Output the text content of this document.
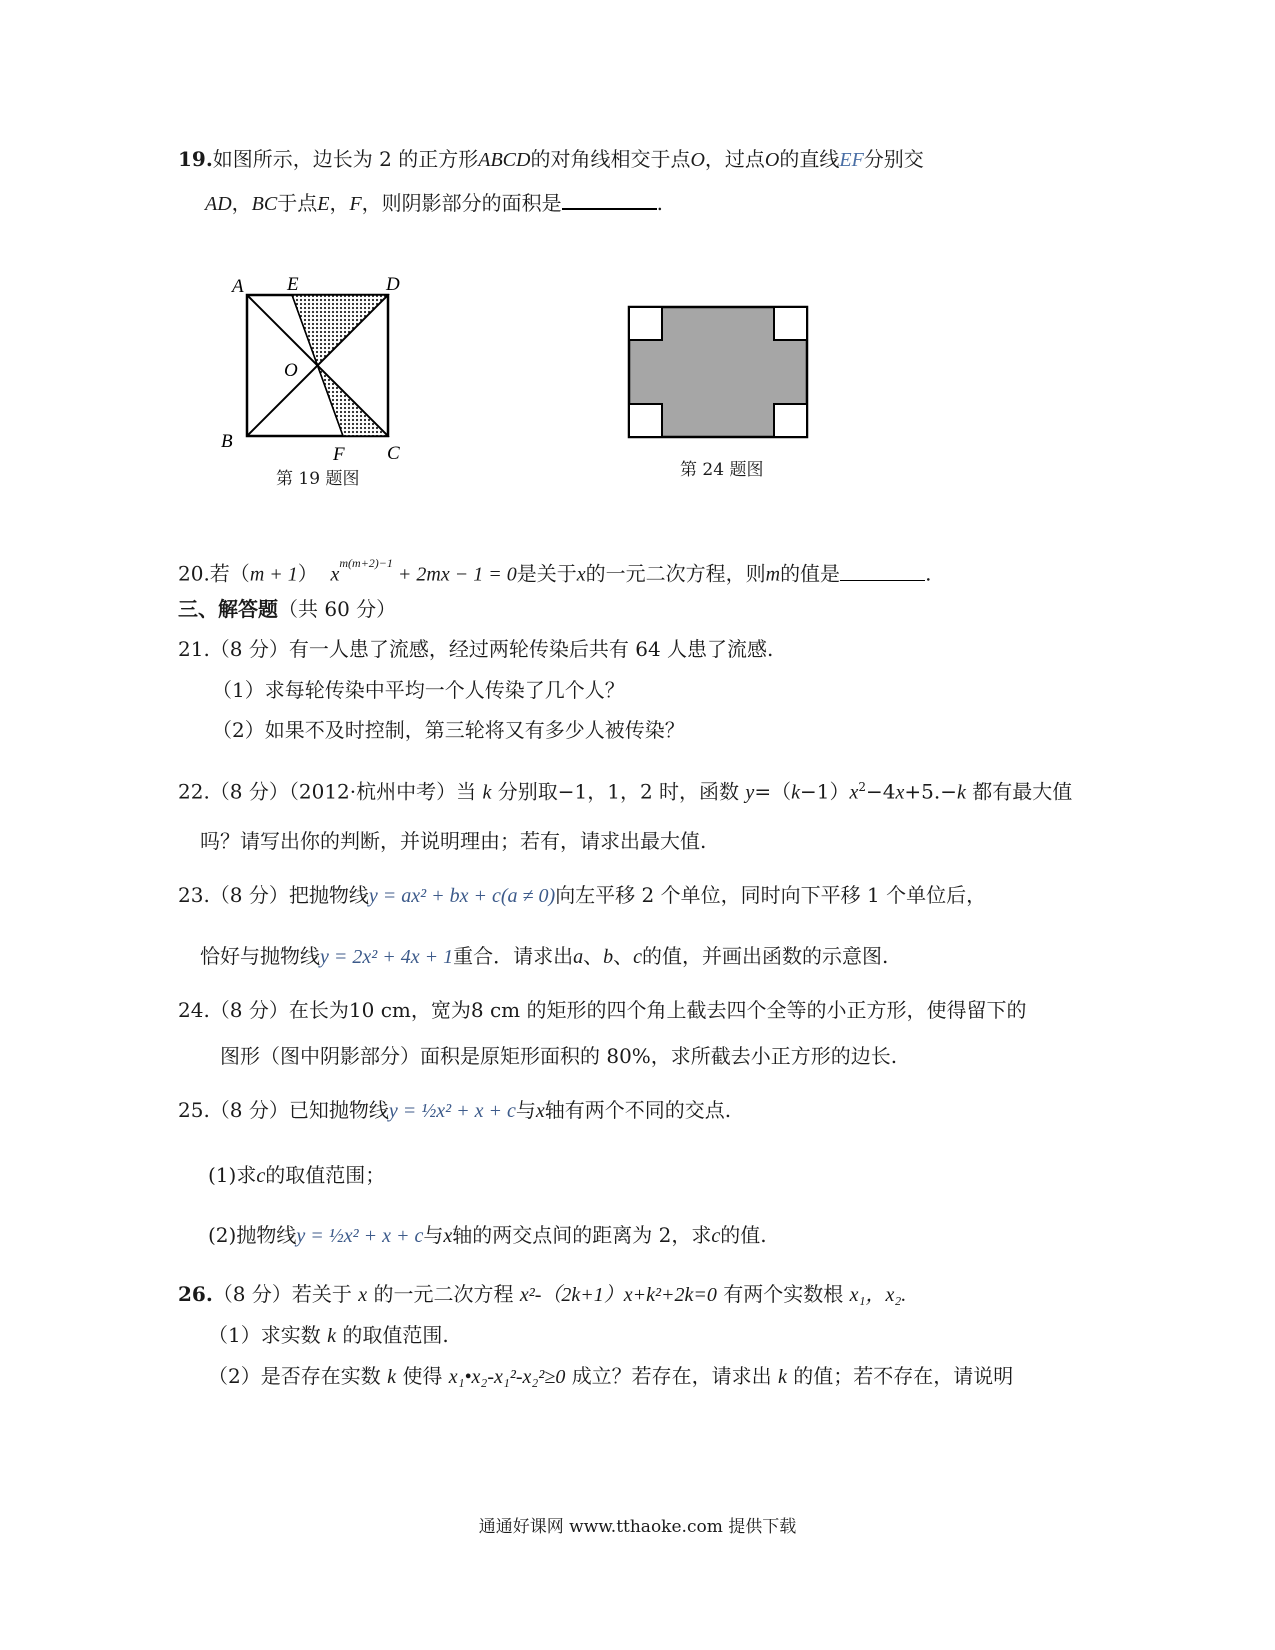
19.如图所示，边长为 2 的正方形ABCD的对角线相交于点O，过点O的直线EF分别交
AD，BC于点E，F，则阴影部分的面积是	.
A E	D
O
B
F C
第 19 题图	第 24 题图
20.若（m + 1） $x^{m(m+2)-1} + 2mx - 1 = 0$是关于x的一元二次方程，则m的值是	.
三、解答题（共 60 分）
21.（8 分）有一人患了流感，经过两轮传染后共有 64 人患了流感.
（1）求每轮传染中平均一个人传染了几个人？
（2）如果不及时控制，第三轮将又有多少人被传染？
22.（8 分）（2012·杭州中考）当 k 分别取−1，1，2 时，函数 $y=(k-1)x^2-4x+5.-k$ 都有最大值
吗？请写出你的判断，并说明理由；若有，请求出最大值.
23.（8 分）把抛物线y = ax² + bx + c(a ≠ 0)向左平移 2 个单位，同时向下平移 1 个单位后，
恰好与抛物线y = 2x² + 4x + 1重合．请求出a、b、c的值，并画出函数的示意图.
24.（8 分）在长为10 cm，宽为8 cm 的矩形的四个角上截去四个全等的小正方形，使得留下的
图形（图中阴影部分）面积是原矩形面积的 80%，求所截去小正方形的边长.
25.（8 分）已知抛物线y = ½x² + x + c与x轴有两个不同的交点.
(1)求c的取值范围；
(2)抛物线y = ½x² + x + c与x轴的两交点间的距离为 2，求c的值.
26.（8 分）若关于 x 的一元二次方程 x²-（2k+1）x+k²+2k=0 有两个实数根 x₁，x₂.
（1）求实数 k 的取值范围.
（2）是否存在实数 k 使得 x₁•x₂-x₁²-x₂²≥0 成立？若存在，请求出 k 的值；若不存在，请说明
通通好课网 www.tthaoke.com 提供下载
